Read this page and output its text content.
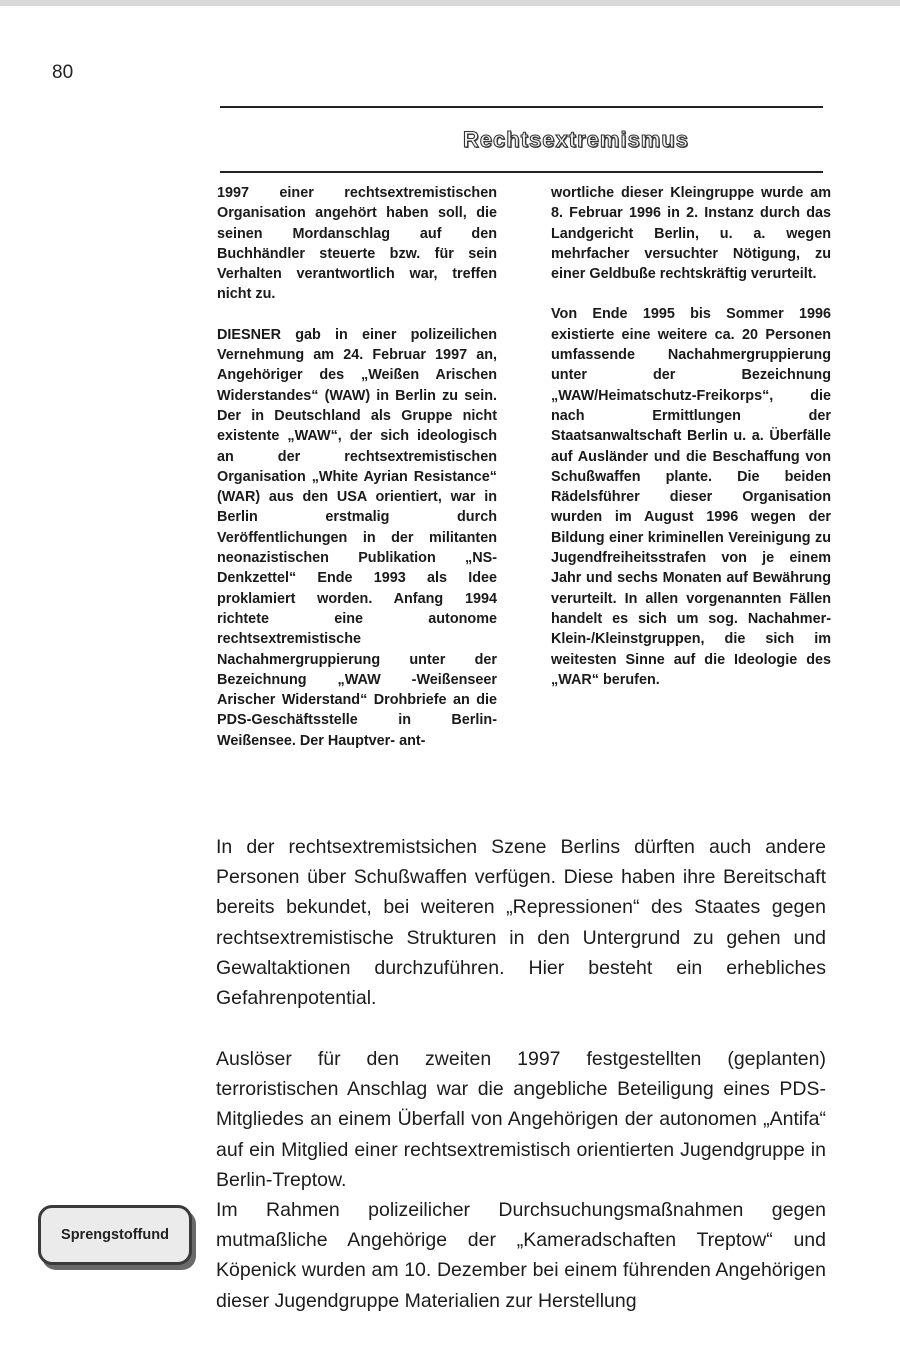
80
Rechtsextremismus

1997 einer rechtsextremistischen Organisation angehört haben soll, die seinen Mordanschlag auf den Buchhändler steuerte bzw. für sein Verhalten verantwortlich war, treffen nicht zu.

DIESNER gab in einer polizeilichen Vernehmung am 24. Februar 1997 an, Angehöriger des „Weißen Arischen Widerstandes“ (WAW) in Berlin zu sein. Der in Deutschland als Gruppe nicht existente „WAW“, der sich ideologisch an der rechtsextremistischen Organisation „White Ayrian Resistance“ (WAR) aus den USA orientiert, war in Berlin erstmalig durch Veröffentlichungen in der militanten neonazistischen Publikation „NS-Denkzettel“ Ende 1993 als Idee proklamiert worden. Anfang 1994 richtete eine autonome rechtsextremistische Nachahmergruppierung unter der Bezeichnung „WAW -Weißenseer Arischer Widerstand“ Drohbriefe an die PDS-Geschäftsstelle in Berlin-Weißensee. Der Hauptver- ant-

wortliche dieser Kleingruppe wurde am 8. Februar 1996 in 2. Instanz durch das Landgericht Berlin, u. a. wegen mehrfacher versuchter Nötigung, zu einer Geldbuße rechtskräftig verurteilt.

Von Ende 1995 bis Sommer 1996 existierte eine weitere ca. 20 Personen umfassende Nachahmergruppierung unter der Bezeichnung „WAW/Heimatschutz-Freikorps“, die nach Ermittlungen der Staatsanwaltschaft Berlin u. a. Überfälle auf Ausländer und die Beschaffung von Schußwaffen plante. Die beiden Rädelsführer dieser Organisation wurden im August 1996 wegen der Bildung einer kriminellen Vereinigung zu Jugendfreiheitsstrafen von je einem Jahr und sechs Monaten auf Bewährung verurteilt. In allen vorgenannten Fällen handelt es sich um sog. Nachahmer-Klein-/Kleinstgruppen, die sich im weitesten Sinne auf die Ideologie des „WAR“ berufen.

In der rechtsextremistsichen Szene Berlins dürften auch andere Personen über Schußwaffen verfügen. Diese haben ihre Bereitschaft bereits bekundet, bei weiteren „Repressionen“ des Staates gegen rechtsextremistische Strukturen in den Untergrund zu gehen und Gewaltaktionen durchzuführen. Hier besteht ein erhebliches Gefahrenpotential.

Auslöser für den zweiten 1997 festgestellten (geplanten) terroristischen Anschlag war die angebliche Beteiligung eines PDS-Mitgliedes an einem Überfall von Angehörigen der autonomen „Antifa“ auf ein Mitglied einer rechtsextremistisch orientierten Jugendgruppe in Berlin-Treptow.

Im Rahmen polizeilicher Durchsuchungsmaßnahmen gegen mutmaßliche Angehörige der „Kameradschaften Treptow“ und Köpenick wurden am 10. Dezember bei einem führenden Angehörigen dieser Jugendgruppe Materialien zur Herstellung

Sprengstoffund
